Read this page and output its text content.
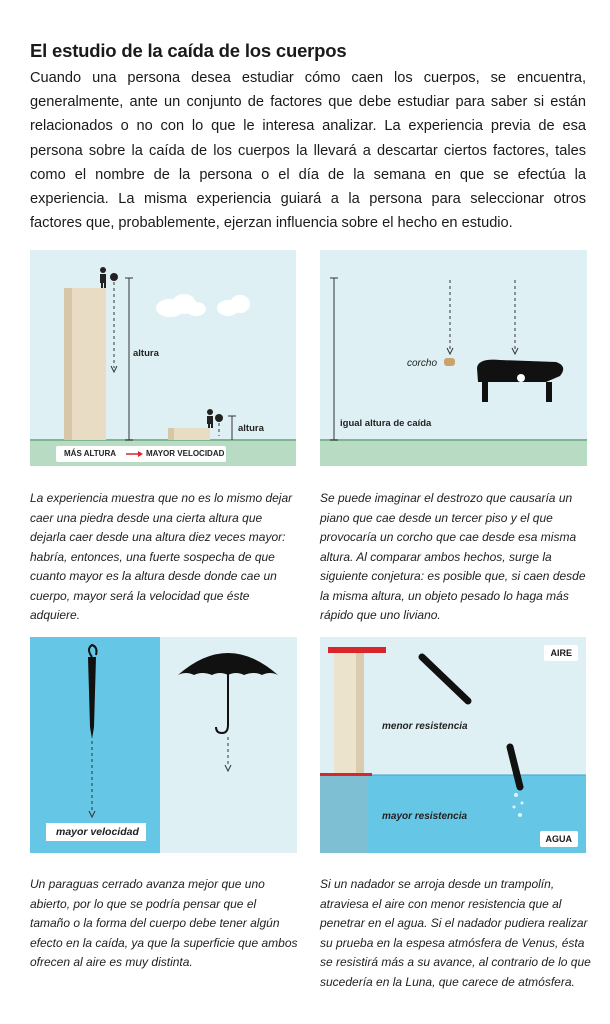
El estudio de la caída de los cuerpos
Cuando una persona desea estudiar cómo caen los cuerpos, se encuentra, generalmente, ante un conjunto de factores que debe estudiar para saber si están relacionados o no con lo que le interesa analizar. La experiencia previa de esa persona sobre la caída de los cuerpos la llevará a descartar ciertos factores, tales como el nombre de la persona o el día de la semana en que se efectúa la experiencia. La misma experiencia guiará a la persona para seleccionar otros factores que, probablemente, ejerzan influencia sobre el hecho en estudio.
altura
altura
MÁS ALTURA	MAYOR VELOCIDAD
corcho
igual altura de caída
mayor velocidad
AIRE
menor resistencia
mayor resistencia
AGUA
La experiencia muestra que no es lo mismo dejar caer una piedra desde una cierta altura que dejarla caer desde una altura diez veces mayor: habría, entonces, una fuerte sospecha de que cuanto mayor es la altura desde donde cae un cuerpo, mayor será la velocidad que éste adquiere.
Se puede imaginar el destrozo que causaría un piano que cae desde un tercer piso y el que provocaría un corcho que cae desde esa misma altura. Al comparar ambos hechos, surge la siguiente conjetura: es posible que, si caen desde la misma altura, un objeto pesado lo haga más rápido que uno liviano.
Un paraguas cerrado avanza mejor que uno abierto, por lo que se podría pensar que el tamaño o la forma del cuerpo debe tener algún efecto en la caída, ya que la superficie que ambos ofrecen al aire es muy distinta.
Si un nadador se arroja desde un trampolín, atraviesa el aire con menor resistencia que al penetrar en el agua. Si el nadador pudiera realizar su prueba en la espesa atmósfera de Venus, ésta se resistirá más a su avance, al contrario de lo que sucedería en la Luna, que carece de atmósfera.
